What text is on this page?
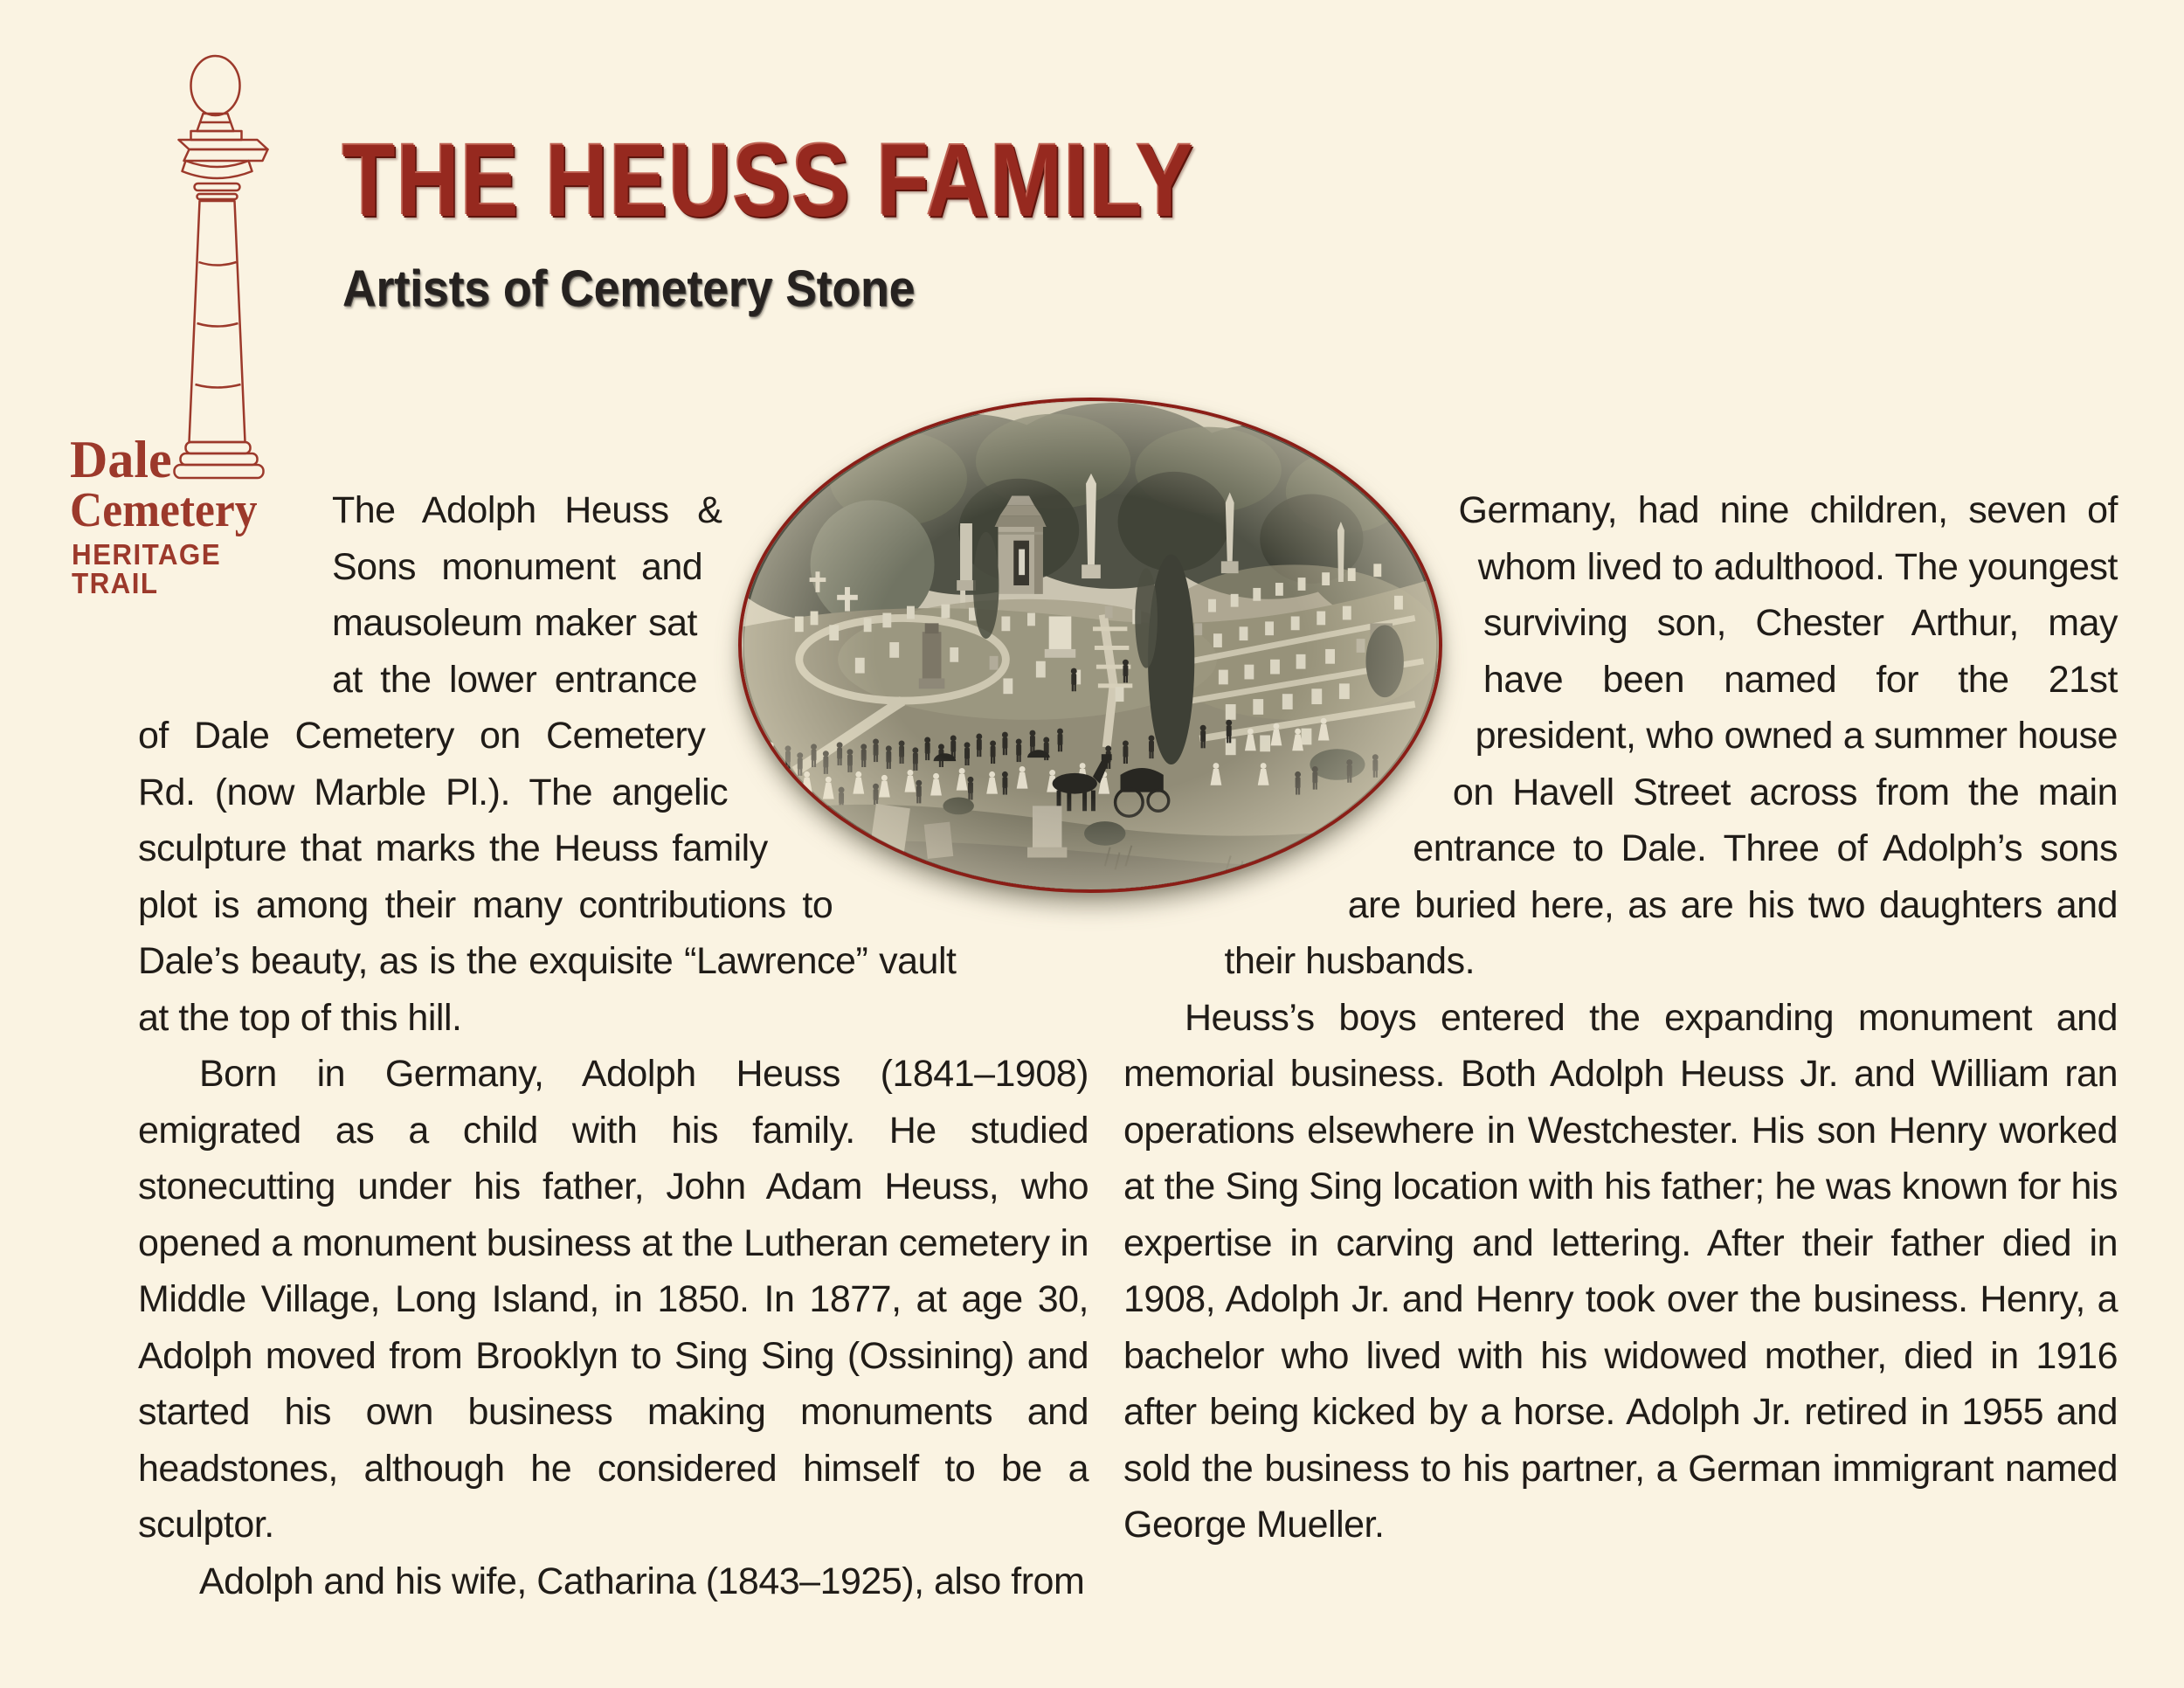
Dale
Cemetery
HERITAGE TRAIL
THE HEUSS FAMILY
Artists of Cemetery Stone

The Adolph Heuss & Sons monument and mausoleum maker sat at the lower entrance of Dale Cemetery on Cemetery Rd. (now Marble Pl.). The angelic sculpture that marks the Heuss family plot is among their many contributions to Dale’s beauty, as is the exquisite “Lawrence” vault at the top of this hill.

Born in Germany, Adolph Heuss (1841–1908) emigrated as a child with his family. He studied stonecutting under his father, John Adam Heuss, who opened a monument business at the Lutheran cemetery in Middle Village, Long Island, in 1850. In 1877, at age 30, Adolph moved from Brooklyn to Sing Sing (Ossining) and started his own business making monuments and headstones, although he considered himself to be a sculptor.

Adolph and his wife, Catharina (1843–1925), also from

Germany, had nine children, seven of whom lived to adulthood. The youngest surviving son, Chester Arthur, may have been named for the 21st president, who owned a summer house on Havell Street across from the main entrance to Dale. Three of Adolph’s sons are buried here, as are his two daughters and their husbands.

Heuss’s boys entered the expanding monument and memorial business. Both Adolph Heuss Jr. and William ran operations elsewhere in Westchester. His son Henry worked at the Sing Sing location with his father; he was known for his expertise in carving and lettering. After their father died in 1908, Adolph Jr. and Henry took over the business. Henry, a bachelor who lived with his widowed mother, died in 1916 after being kicked by a horse. Adolph Jr. retired in 1955 and sold the business to his partner, a German immigrant named George Mueller.
